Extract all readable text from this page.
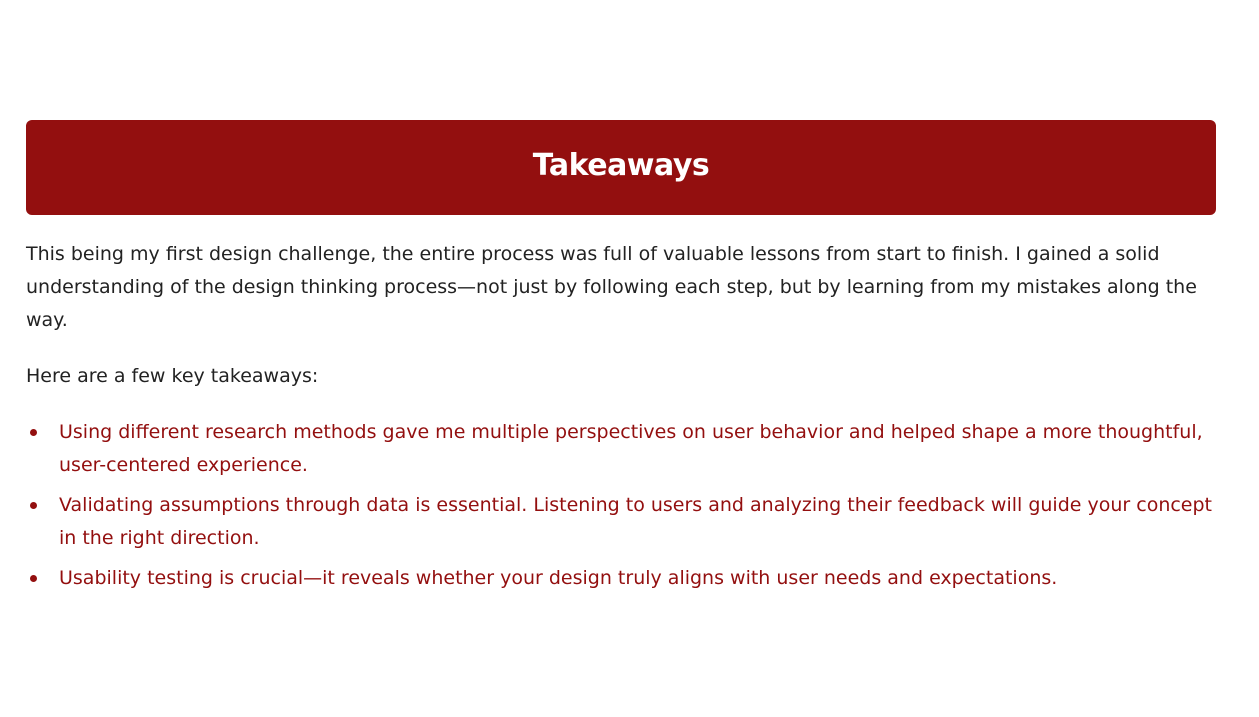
Takeaways

This being my first design challenge, the entire process was full of valuable lessons from start to finish. I gained a solid understanding of the design thinking process—not just by following each step, but by learning from my mistakes along the way.

Here are a few key takeaways:

Using different research methods gave me multiple perspectives on user behavior and helped shape a more thoughtful, user-centered experience.
Validating assumptions through data is essential. Listening to users and analyzing their feedback will guide your concept in the right direction.
Usability testing is crucial—it reveals whether your design truly aligns with user needs and expectations.
